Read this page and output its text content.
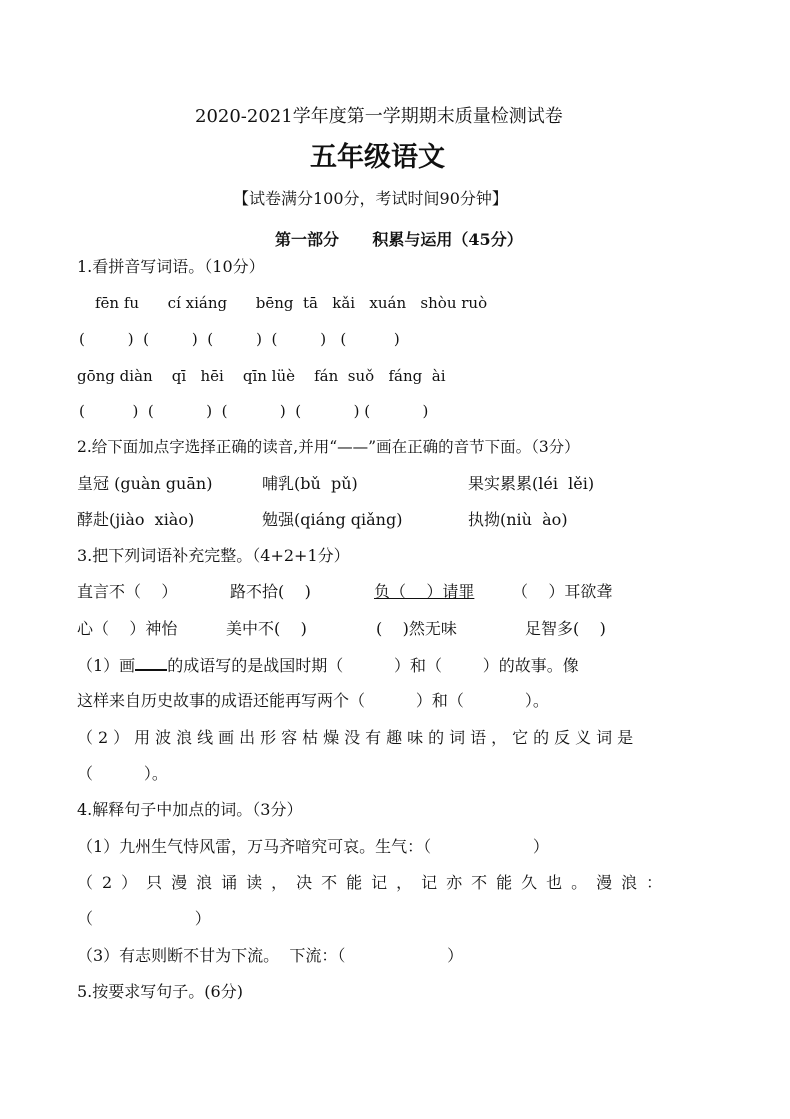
2020-2021学年度第一学期期末质量检测试卷
五年级语文
【试卷满分100分，考试时间90分钟】
第一部分      积累与运用（45分）
1.看拼音写词语。（10分）
fēn fu      cí xiáng      bēng  tā   kǎi   xuán   shòu ruò
(         )  (         )  (         )  (         )   (          )
gōng diàn    qī   hēi    qīn lüè    fán  suǒ   fáng  ài
(          )  (           )  (           )  (           ) (           )
2.给下面加点字选择正确的读音,并用“——”画在正确的音节下面。（3分）
皇冠 (guàn guān)	哺乳(bǔ  pǔ)	果实累累(léi  lěi)
酵赴(jiào  xiào)	勉强(qiáng qiǎng)	执拗(niù  ào)
3.把下列词语补充完整。（4+2+1分）
直言不（    ）	路不拾(    )	负（    ）请罪 （    ）耳欲聋
心（    ）神怡	美中不(    )	(    )然无味	足智多(    )
（1）画 的成语写的是战国时期（          ）和（        ）的故事。像
这样来自历史故事的成语还能再写两个（          ）和（            ）。
（2）用波浪线画出形容枯燥没有趣味的词语，它的反义词是
（          ）。
4.解释句子中加点的词。（3分）
（1）九州生气恃风雷，万马齐喑究可哀。生气：（                    ）
（2）只漫浪诵读，决不能记，记亦不能久也。漫浪：
（                    ）
（3）有志则断不甘为下流。  下流：（                    ）
5.按要求写句子。(6分)
